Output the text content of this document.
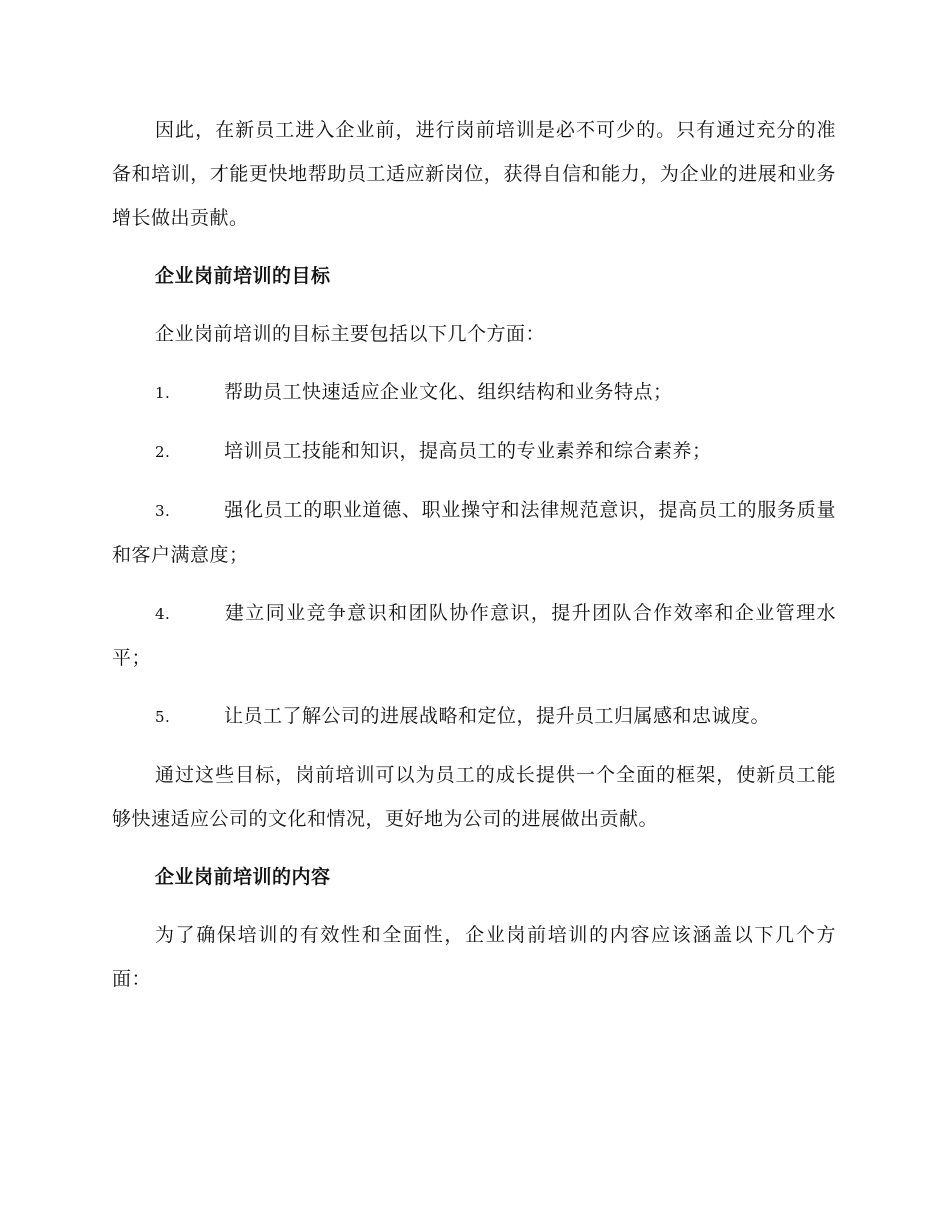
因此，在新员工进入企业前，进行岗前培训是必不可少的。只有通过充分的准备和培训，才能更快地帮助员工适应新岗位，获得自信和能力，为企业的进展和业务增长做出贡献。

企业岗前培训的目标

企业岗前培训的目标主要包括以下几个方面：

1.	帮助员工快速适应企业文化、组织结构和业务特点；
2.	培训员工技能和知识，提高员工的专业素养和综合素养；
3.	强化员工的职业道德、职业操守和法律规范意识，提高员工的服务质量和客户满意度；
4.	建立同业竞争意识和团队协作意识，提升团队合作效率和企业管理水平；
5.	让员工了解公司的进展战略和定位，提升员工归属感和忠诚度。

通过这些目标，岗前培训可以为员工的成长提供一个全面的框架，使新员工能够快速适应公司的文化和情况，更好地为公司的进展做出贡献。

企业岗前培训的内容

为了确保培训的有效性和全面性，企业岗前培训的内容应该涵盖以下几个方面：
